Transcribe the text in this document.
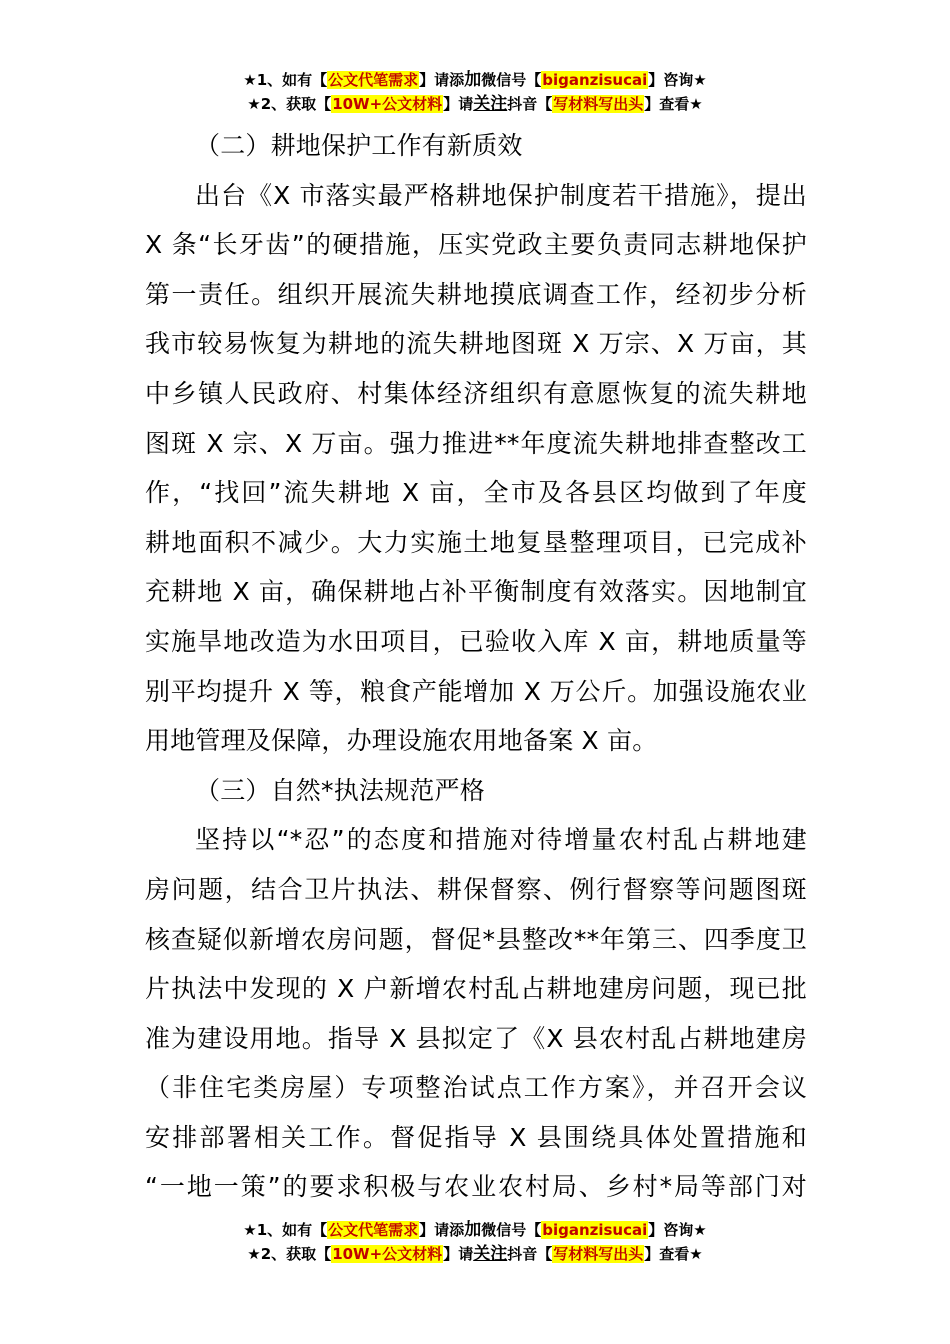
★1、如有【公文代笔需求】请添加微信号【biganzisucai】咨询★
★2、获取【10W+公文材料】请关注抖音【写材料写出头】查看★
（二）耕地保护工作有新质效
出台《X 市落实最严格耕地保护制度若干措施》，提出
X 条“长牙齿”的硬措施，压实党政主要负责同志耕地保护
第一责任。组织开展流失耕地摸底调查工作，经初步分析
我市较易恢复为耕地的流失耕地图斑 X 万宗、X 万亩，其
中乡镇人民政府、村集体经济组织有意愿恢复的流失耕地
图斑 X 宗、X 万亩。强力推进**年度流失耕地排查整改工
作，“找回”流失耕地 X 亩，全市及各县区均做到了年度
耕地面积不减少。大力实施土地复垦整理项目，已完成补
充耕地 X 亩，确保耕地占补平衡制度有效落实。因地制宜
实施旱地改造为水田项目，已验收入库 X 亩，耕地质量等
别平均提升 X 等，粮食产能增加 X 万公斤。加强设施农业
用地管理及保障，办理设施农用地备案 X 亩。
（三）自然*执法规范严格
坚持以“*忍”的态度和措施对待增量农村乱占耕地建
房问题，结合卫片执法、耕保督察、例行督察等问题图斑
核查疑似新增农房问题，督促*县整改**年第三、四季度卫
片执法中发现的 X 户新增农村乱占耕地建房问题，现已批
准为建设用地。指导 X 县拟定了《X 县农村乱占耕地建房
（非住宅类房屋）专项整治试点工作方案》，并召开会议
安排部署相关工作。督促指导 X 县围绕具体处置措施和
“一地一策”的要求积极与农业农村局、乡村*局等部门对
★1、如有【公文代笔需求】请添加微信号【biganzisucai】咨询★
★2、获取【10W+公文材料】请关注抖音【写材料写出头】查看★
